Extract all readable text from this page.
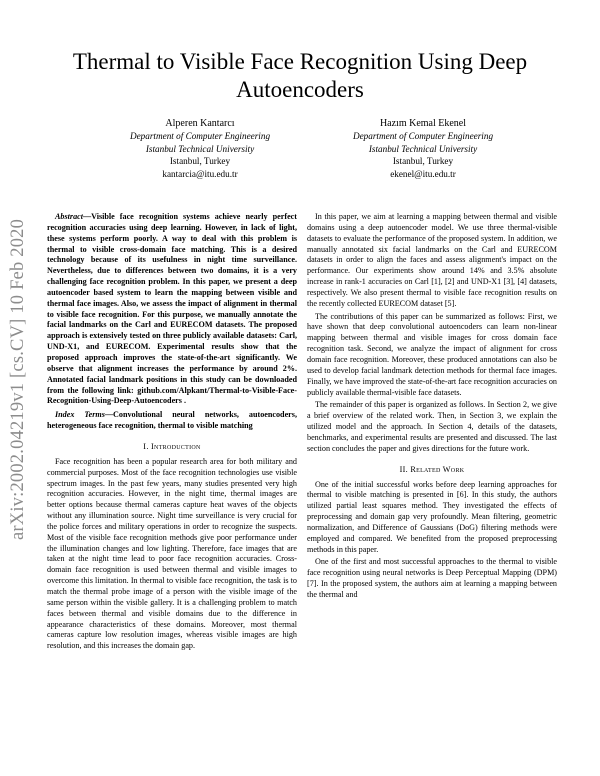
Thermal to Visible Face Recognition Using Deep Autoencoders
Alperen Kantarcı
Department of Computer Engineering
Istanbul Technical University
Istanbul, Turkey
kantarcia@itu.edu.tr
Hazım Kemal Ekenel
Department of Computer Engineering
Istanbul Technical University
Istanbul, Turkey
ekenel@itu.edu.tr
arXiv:2002.04219v1 [cs.CV] 10 Feb 2020

Abstract—Visible face recognition systems achieve nearly perfect recognition accuracies using deep learning. However, in lack of light, these systems perform poorly. A way to deal with this problem is thermal to visible cross-domain face matching. This is a desired technology because of its usefulness in night time surveillance. Nevertheless, due to differences between two domains, it is a very challenging face recognition problem. In this paper, we present a deep autoencoder based system to learn the mapping between visible and thermal face images. Also, we assess the impact of alignment in thermal to visible face recognition. For this purpose, we manually annotate the facial landmarks on the Carl and EURECOM datasets. The proposed approach is extensively tested on three publicly available datasets: Carl, UND-X1, and EURECOM. Experimental results show that the proposed approach improves the state-of-the-art significantly. We observe that alignment increases the performance by around 2%. Annotated facial landmark positions in this study can be downloaded from the following link: github.com/Alpkant/Thermal-to-Visible-Face-Recognition-Using-Deep-Autoencoders .

Index Terms—Convolutional neural networks, autoencoders, heterogeneous face recognition, thermal to visible matching

I. Introduction

Face recognition has been a popular research area for both military and commercial purposes. Most of the face recognition technologies use visible spectrum images. In the past few years, many studies presented very high recognition accuracies. However, in the night time, thermal images are better options because thermal cameras capture heat waves of the objects without any illumination source. Night time surveillance is very crucial for the police forces and military operations in order to recognize the suspects. Most of the visible face recognition methods give poor performance under the illumination changes and low lighting. Therefore, face images that are taken at the night time lead to poor face recognition accuracies. Cross-domain face recognition is used between thermal and visible images to overcome this limitation. In thermal to visible face recognition, the task is to match the thermal probe image of a person with the visible image of the same person within the visible gallery. It is a challenging problem to match faces between thermal and visible domains due to the difference in appearance characteristics of these domains. Moreover, most thermal cameras capture low resolution images, whereas visible images are high resolution, and this increases the domain gap.

In this paper, we aim at learning a mapping between thermal and visible domains using a deep autoencoder model. We use three thermal-visible datasets to evaluate the performance of the proposed system. In addition, we manually annotated six facial landmarks on the Carl and EURECOM datasets in order to align the faces and assess alignment's impact on the performance. Our experiments show around 14% and 3.5% absolute increase in rank-1 accuracies on Carl [1], [2] and UND-X1 [3], [4] datasets, respectively. We also present thermal to visible face recognition results on the recently collected EURECOM dataset [5].

The contributions of this paper can be summarized as follows: First, we have shown that deep convolutional autoencoders can learn non-linear mapping between thermal and visible images for cross domain face recognition task. Second, we analyze the impact of alignment for cross domain face recognition. Moreover, these produced annotations can also be used to develop facial landmark detection methods for thermal face images. Finally, we have improved the state-of-the-art face recognition accuracies on publicly available thermal-visible face datasets.

The remainder of this paper is organized as follows. In Section 2, we give a brief overview of the related work. Then, in Section 3, we explain the utilized model and the approach. In Section 4, details of the datasets, benchmarks, and experimental results are presented and discussed. The last section concludes the paper and gives directions for the future work.

II. Related Work

One of the initial successful works before deep learning approaches for thermal to visible matching is presented in [6]. In this study, the authors utilized partial least squares method. They investigated the effects of preprocessing and domain gap very profoundly. Mean filtering, geometric normalization, and Difference of Gaussians (DoG) filtering methods were employed and compared. We benefited from the proposed preprocessing methods in this paper.

One of the first and most successful approaches to the thermal to visible face recognition using neural networks is Deep Perceptual Mapping (DPM) [7]. In the proposed system, the authors aim at learning a mapping between the thermal and
